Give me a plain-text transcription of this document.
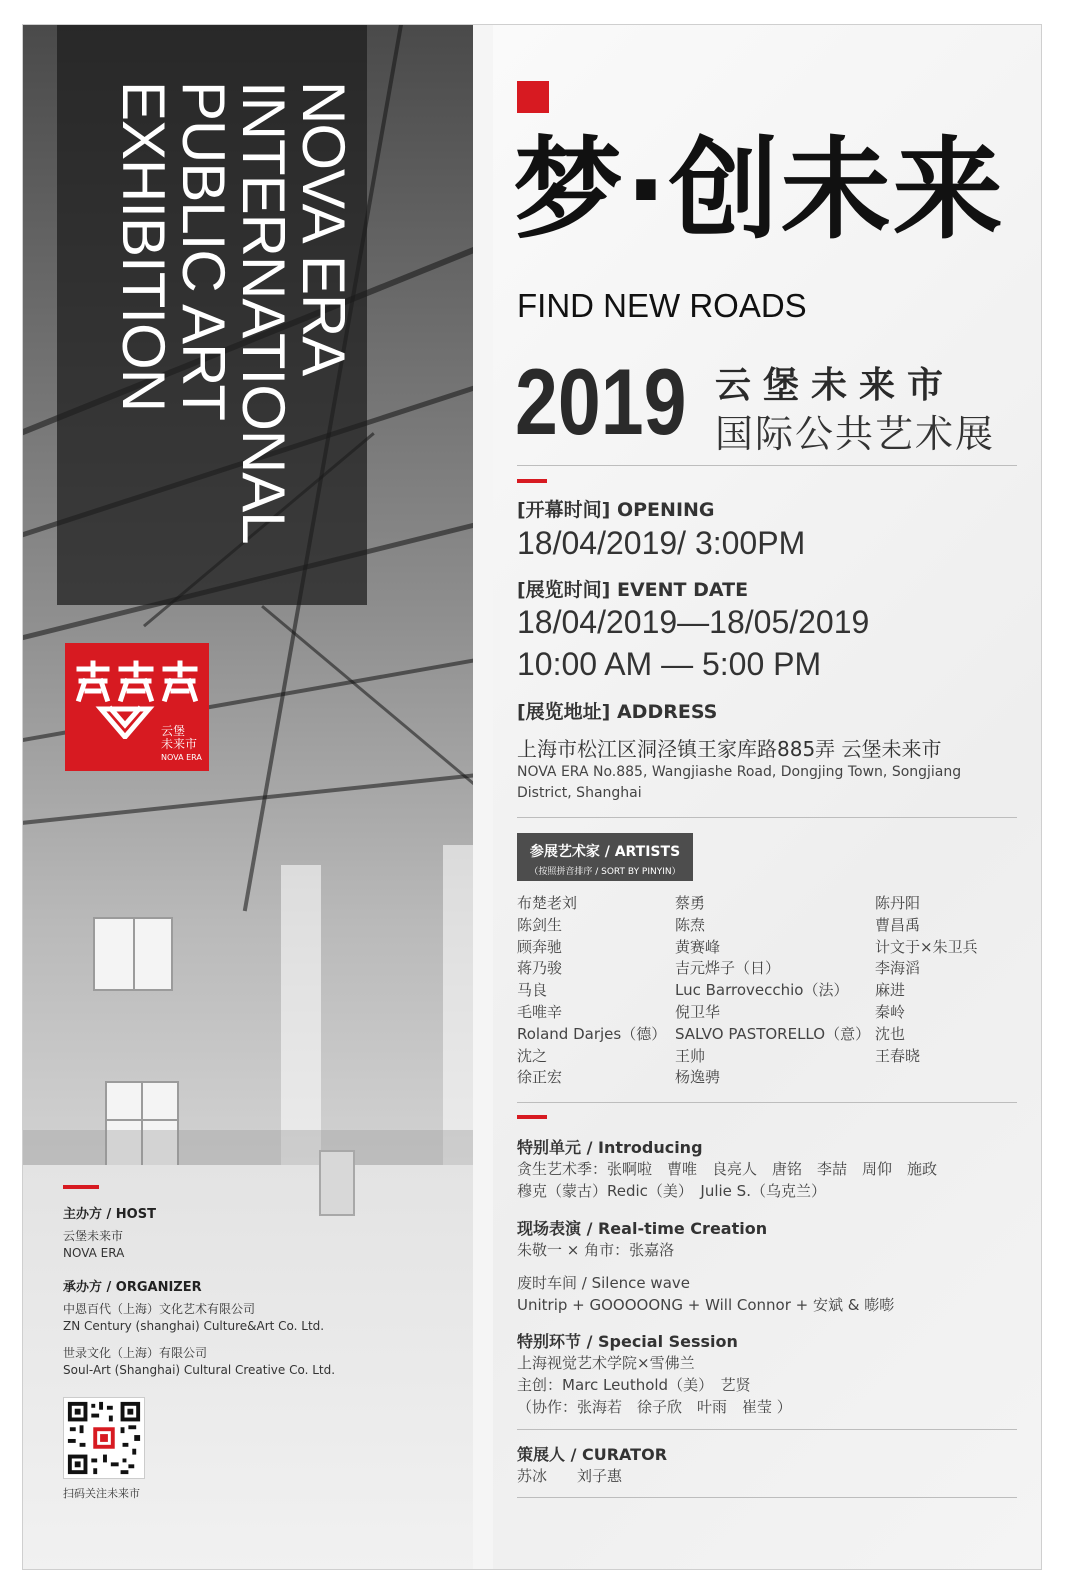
NOVA ERA
INTERNATIONAL
PUBLIC ART
EXHIBITION
云堡
未来市
NOVA ERA
主办方 / HOST
云堡未来市
NOVA ERA
承办方 / ORGANIZER
中恩百代（上海）文化艺术有限公司
ZN Century (shanghai) Culture&Art Co. Ltd.
世录文化（上海）有限公司
Soul-Art (Shanghai) Cultural Creative Co. Ltd.
扫码关注未来市
梦·创未来
FIND NEW ROADS
2019 云堡未来市
国际公共艺术展
[开幕时间] OPENING
18/04/2019/ 3:00PM
[展览时间] EVENT DATE
18/04/2019—18/05/2019
10:00 AM — 5:00 PM
[展览地址] ADDRESS
上海市松江区洞泾镇王家库路885弄 云堡未来市
NOVA ERA No.885, Wangjiashe Road, Dongjing Town, Songjiang District, Shanghai
参展艺术家 / ARTISTS
（按照拼音排序 / SORT BY PINYIN）
布楚老刘
陈剑生
顾奔驰
蒋乃骏
马良
毛唯辛
Roland Darjes（德）
沈之
徐正宏
蔡勇
陈焘
黄赛峰
吉元烨子（日）
Luc Barrovecchio（法）
倪卫华
SALVO PASTORELLO（意）
王帅
杨逸骋
陈丹阳
曹昌禹
计文于×朱卫兵
李海滔
麻进
秦岭
沈也
王春晓
特别单元 / Introducing
贪生艺术季：张啊啦　曹唯　良亮人　唐铭　李喆　周仰　施政
穆克（蒙古）Redic（美）　Julie S.（乌克兰）
现场表演 / Real-time Creation
朱敬一 × 角市：张嘉洛
废时车间 / Silence wave
Unitrip + GOOOOONG + Will Connor + 安斌 & 嘭嘭
特别环节 / Special Session
上海视觉艺术学院×雪佛兰
主创：Marc Leuthold（美）　艺贤
（协作：张海若　徐子欣　叶雨　崔莹 ）
策展人 / CURATOR
苏冰　　刘子惠
